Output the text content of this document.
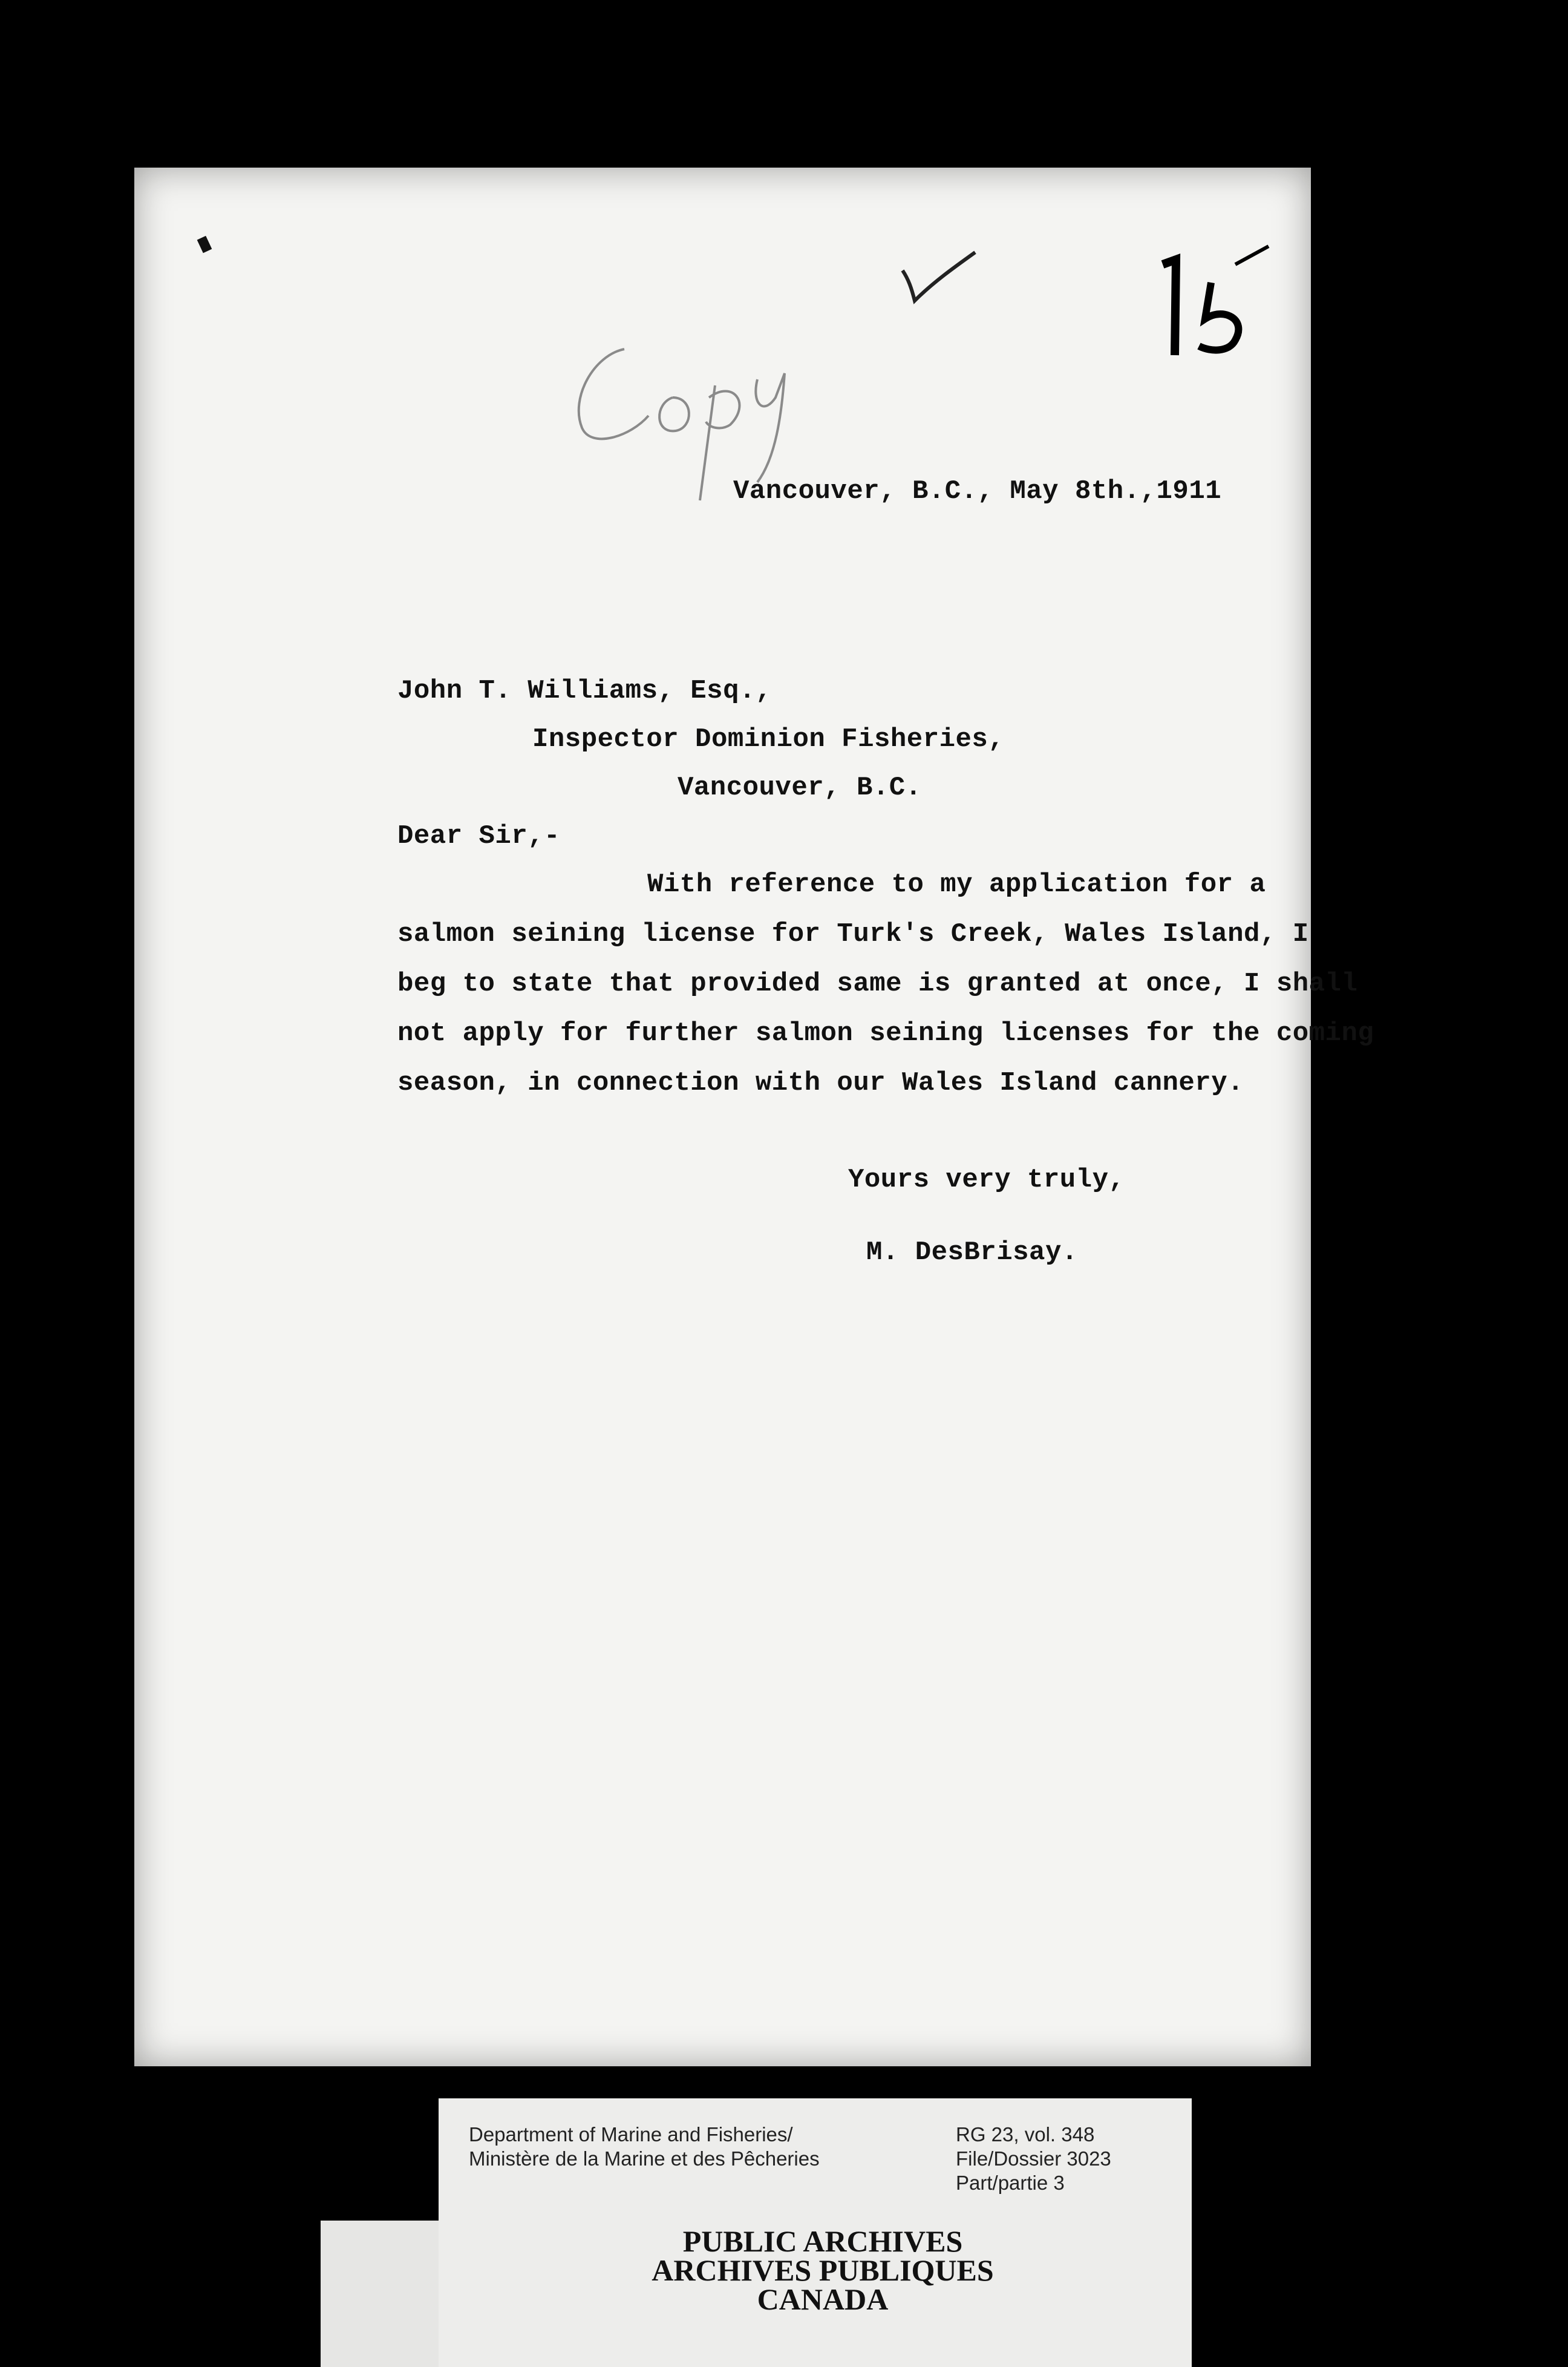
Vancouver, B.C., May 8th.,1911
John T. Williams, Esq.,
Inspector Dominion Fisheries,
Vancouver, B.C.
Dear Sir,-
With reference to my application for a
salmon seining license for Turk's Creek, Wales Island, I
beg to state that provided same is granted at once, I shall
not apply for further salmon seining licenses for the coming
season, in connection with our Wales Island cannery.
Yours very truly,
M. DesBrisay.
Department of Marine and Fisheries/
Ministère de la Marine et des Pêcheries
RG 23, vol. 348
File/Dossier 3023
Part/partie 3
PUBLIC ARCHIVES
ARCHIVES PUBLIQUES
CANADA
